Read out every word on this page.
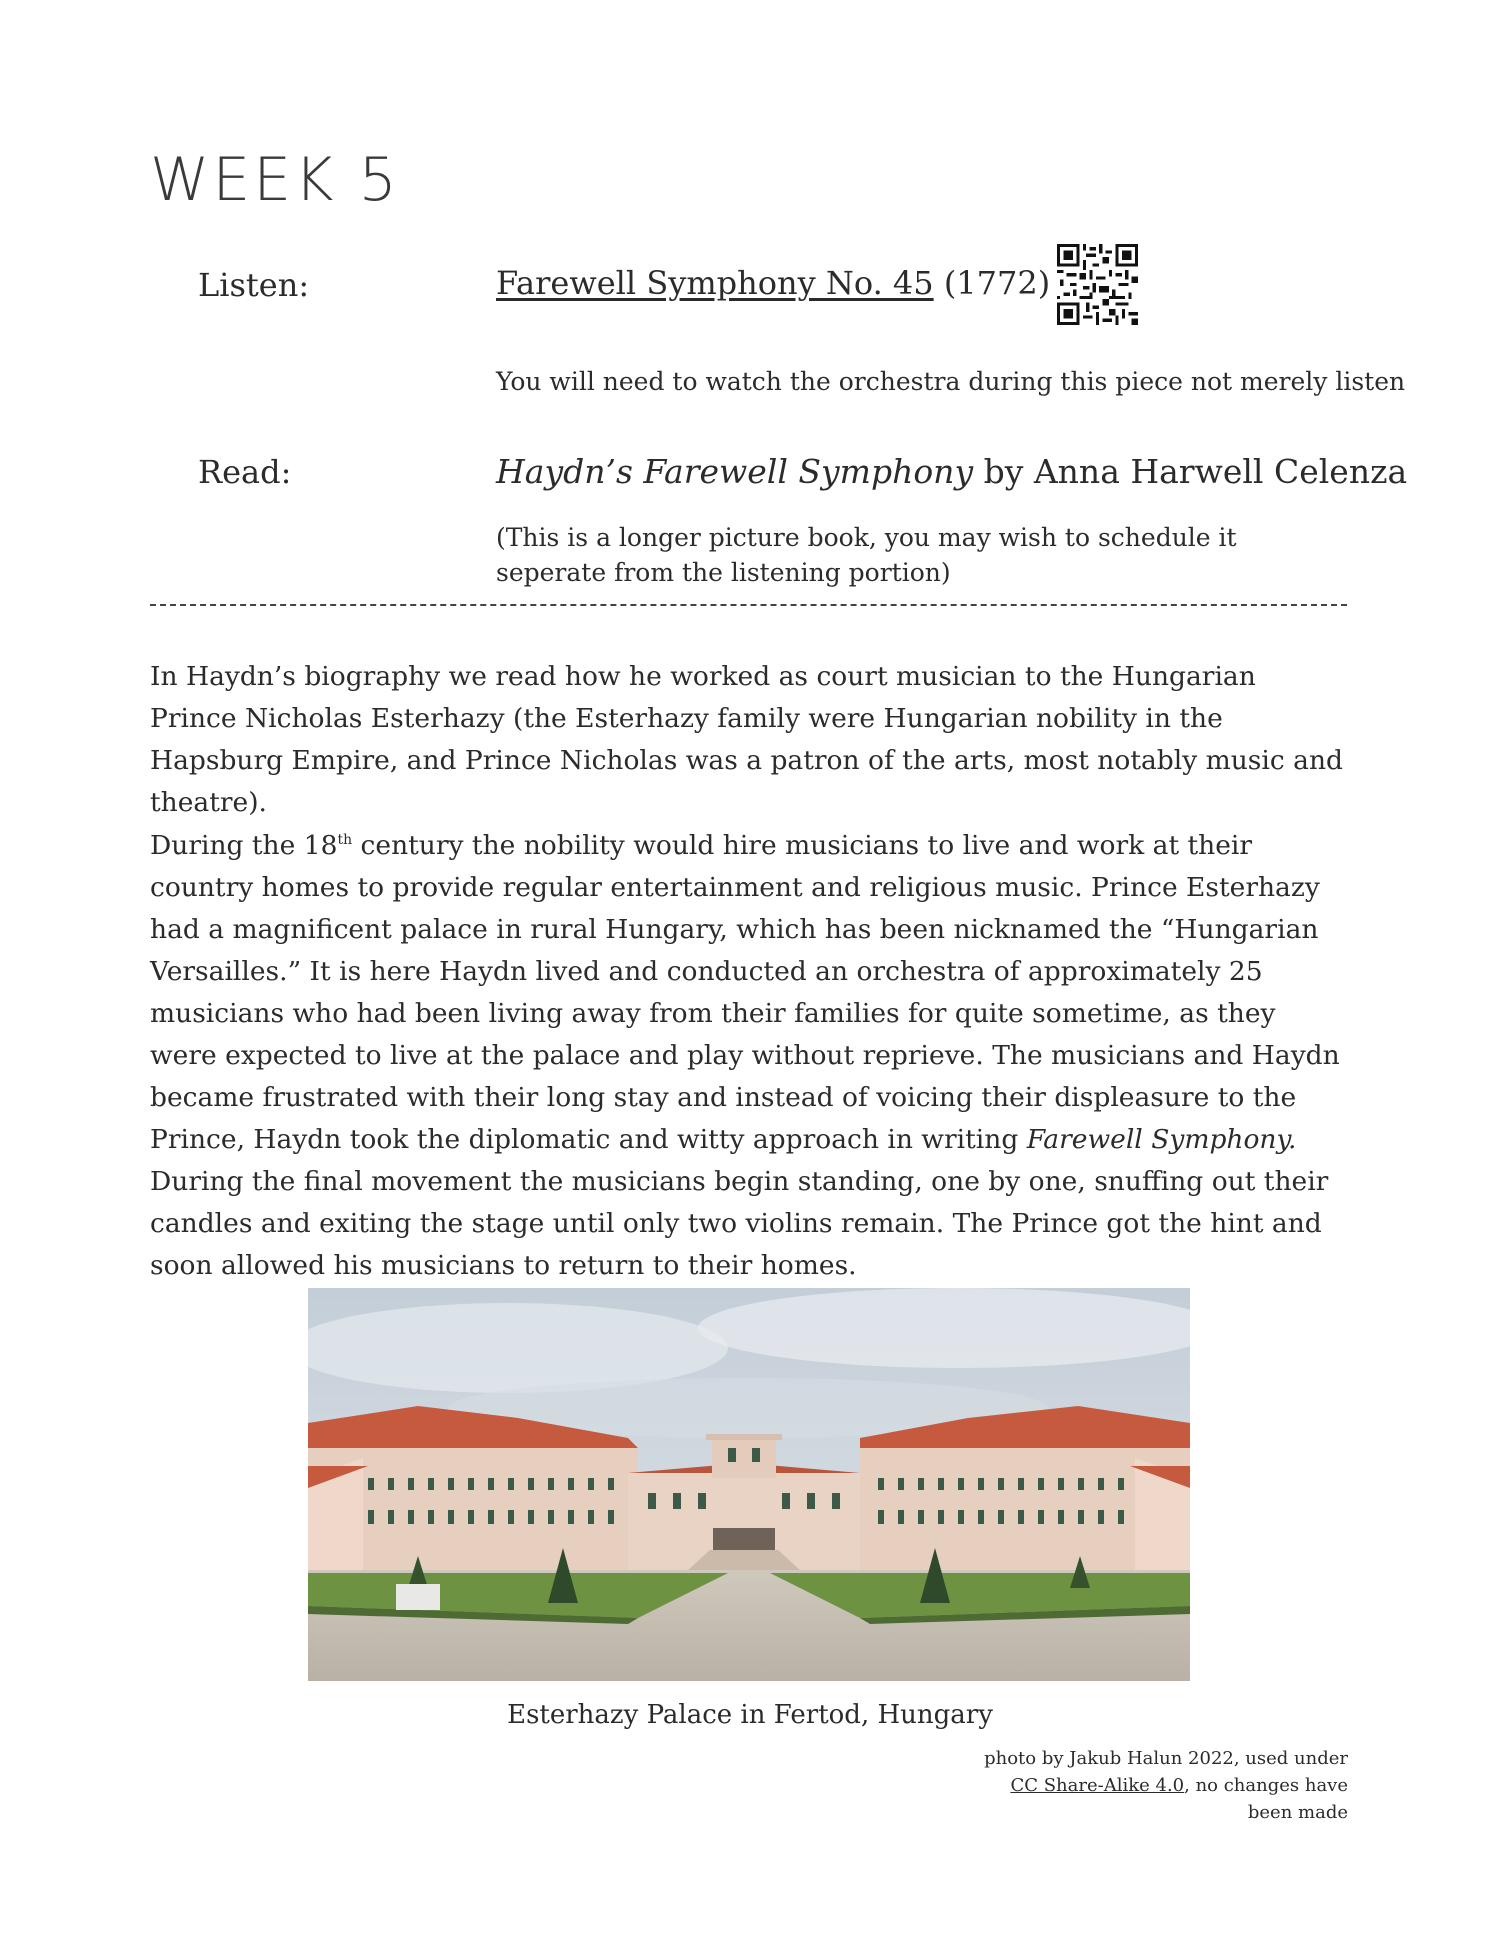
WEEK 5
Listen:	Farewell Symphony No. 45 (1772)
You will need to watch the orchestra during this piece not merely listen
Read:	Haydn’s Farewell Symphony by Anna Harwell Celenza
(This is a longer picture book, you may wish to schedule it seperate from the listening portion)

In Haydn’s biography we read how he worked as court musician to the Hungarian Prince Nicholas Esterhazy (the Esterhazy family were Hungarian nobility in the Hapsburg Empire, and Prince Nicholas was a patron of the arts, most notably music and theatre).

During the 18th century the nobility would hire musicians to live and work at their country homes to provide regular entertainment and religious music. Prince Esterhazy had a magnificent palace in rural Hungary, which has been nicknamed the “Hungarian Versailles.” It is here Haydn lived and conducted an orchestra of approximately 25 musicians who had been living away from their families for quite sometime, as they were expected to live at the palace and play without reprieve. The musicians and Haydn became frustrated with their long stay and instead of voicing their displeasure to the Prince, Haydn took the diplomatic and witty approach in writing Farewell Symphony. During the final movement the musicians begin standing, one by one, snuffing out their candles and exiting the stage until only two violins remain. The Prince got the hint and soon allowed his musicians to return to their homes.

Esterhazy Palace in Fertod, Hungary
photo by Jakub Halun 2022, used under
CC Share-Alike 4.0, no changes have been made
